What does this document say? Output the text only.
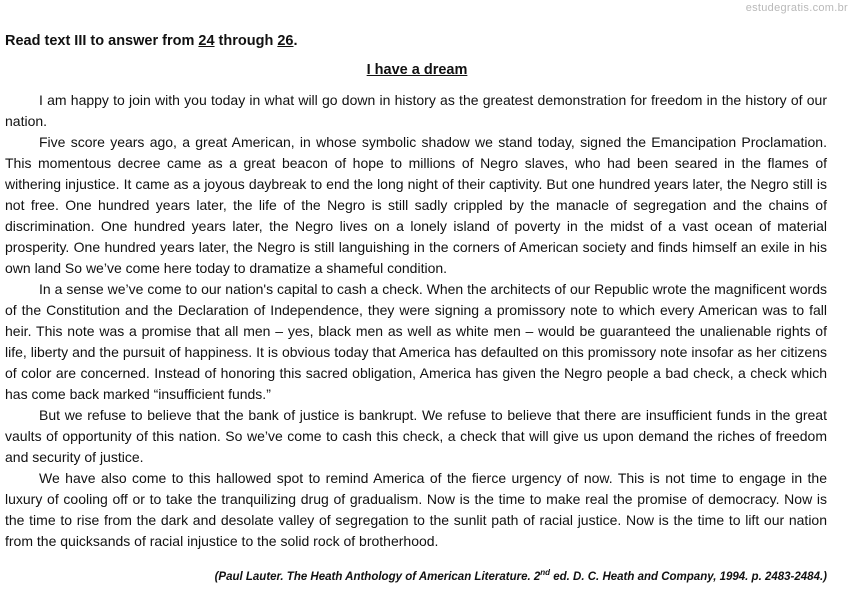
estudegratis.com.br
Read text III to answer from 24 through 26.
I have a dream

I am happy to join with you today in what will go down in history as the greatest demonstration for freedom in the history of our nation.

Five score years ago, a great American, in whose symbolic shadow we stand today, signed the Emancipation Proclamation. This momentous decree came as a great beacon of hope to millions of Negro slaves, who had been seared in the flames of withering injustice. It came as a joyous daybreak to end the long night of their captivity. But one hundred years later, the Negro still is not free. One hundred years later, the life of the Negro is still sadly crippled by the manacle of segregation and the chains of discrimination. One hundred years later, the Negro lives on a lonely island of poverty in the midst of a vast ocean of material prosperity. One hundred years later, the Negro is still languishing in the corners of American society and finds himself an exile in his own land So we’ve come here today to dramatize a shameful condition.

In a sense we’ve come to our nation's capital to cash a check. When the architects of our Republic wrote the magnificent words of the Constitution and the Declaration of Independence, they were signing a promissory note to which every American was to fall heir. This note was a promise that all men – yes, black men as well as white men – would be guaranteed the unalienable rights of life, liberty and the pursuit of happiness. It is obvious today that America has defaulted on this promissory note insofar as her citizens of color are concerned. Instead of honoring this sacred obligation, America has given the Negro people a bad check, a check which has come back marked “insufficient funds.”

But we refuse to believe that the bank of justice is bankrupt. We refuse to believe that there are insufficient funds in the great vaults of opportunity of this nation. So we’ve come to cash this check, a check that will give us upon demand the riches of freedom and security of justice.

We have also come to this hallowed spot to remind America of the fierce urgency of now. This is not time to engage in the luxury of cooling off or to take the tranquilizing drug of gradualism. Now is the time to make real the promise of democracy. Now is the time to rise from the dark and desolate valley of segregation to the sunlit path of racial justice. Now is the time to lift our nation from the quicksands of racial injustice to the solid rock of brotherhood.

(Paul Lauter. The Heath Anthology of American Literature. 2nd ed. D. C. Heath and Company, 1994. p. 2483-2484.)
